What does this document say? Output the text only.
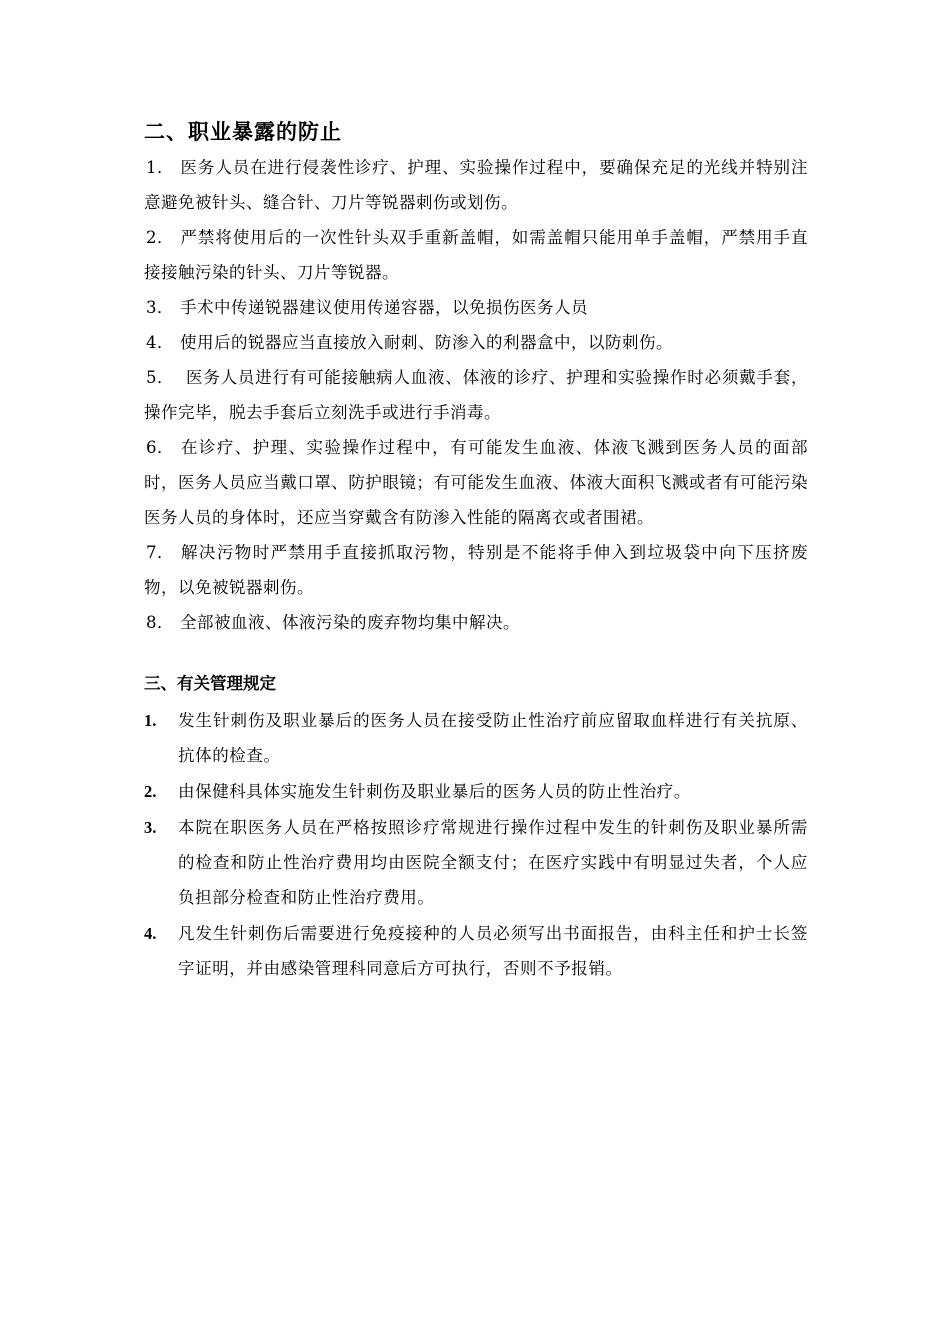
二、职业暴露的防止
1． 医务人员在进行侵袭性诊疗、护理、实验操作过程中，要确保充足的光线并特别注意避免被针头、缝合针、刀片等锐器刺伤或划伤。
2． 严禁将使用后的一次性针头双手重新盖帽，如需盖帽只能用单手盖帽，严禁用手直接接触污染的针头、刀片等锐器。
3． 手术中传递锐器建议使用传递容器，以免损伤医务人员
4． 使用后的锐器应当直接放入耐刺、防渗入的利器盒中，以防刺伤。
5． 医务人员进行有可能接触病人血液、体液的诊疗、护理和实验操作时必须戴手套，操作完毕，脱去手套后立刻洗手或进行手消毒。
6． 在诊疗、护理、实验操作过程中，有可能发生血液、体液飞溅到医务人员的面部时，医务人员应当戴口罩、防护眼镜；有可能发生血液、体液大面积飞溅或者有可能污染医务人员的身体时，还应当穿戴含有防渗入性能的隔离衣或者围裙。
7． 解决污物时严禁用手直接抓取污物，特别是不能将手伸入到垃圾袋中向下压挤废物，以免被锐器刺伤。
8． 全部被血液、体液污染的废弃物均集中解决。
三、有关管理规定
1.	发生针刺伤及职业暴后的医务人员在接受防止性治疗前应留取血样进行有关抗原、抗体的检查。
2.	由保健科具体实施发生针刺伤及职业暴后的医务人员的防止性治疗。
3.	本院在职医务人员在严格按照诊疗常规进行操作过程中发生的针刺伤及职业暴所需的检查和防止性治疗费用均由医院全额支付；在医疗实践中有明显过失者，个人应负担部分检查和防止性治疗费用。
4.	凡发生针刺伤后需要进行免疫接种的人员必须写出书面报告，由科主任和护士长签字证明，并由感染管理科同意后方可执行，否则不予报销。
